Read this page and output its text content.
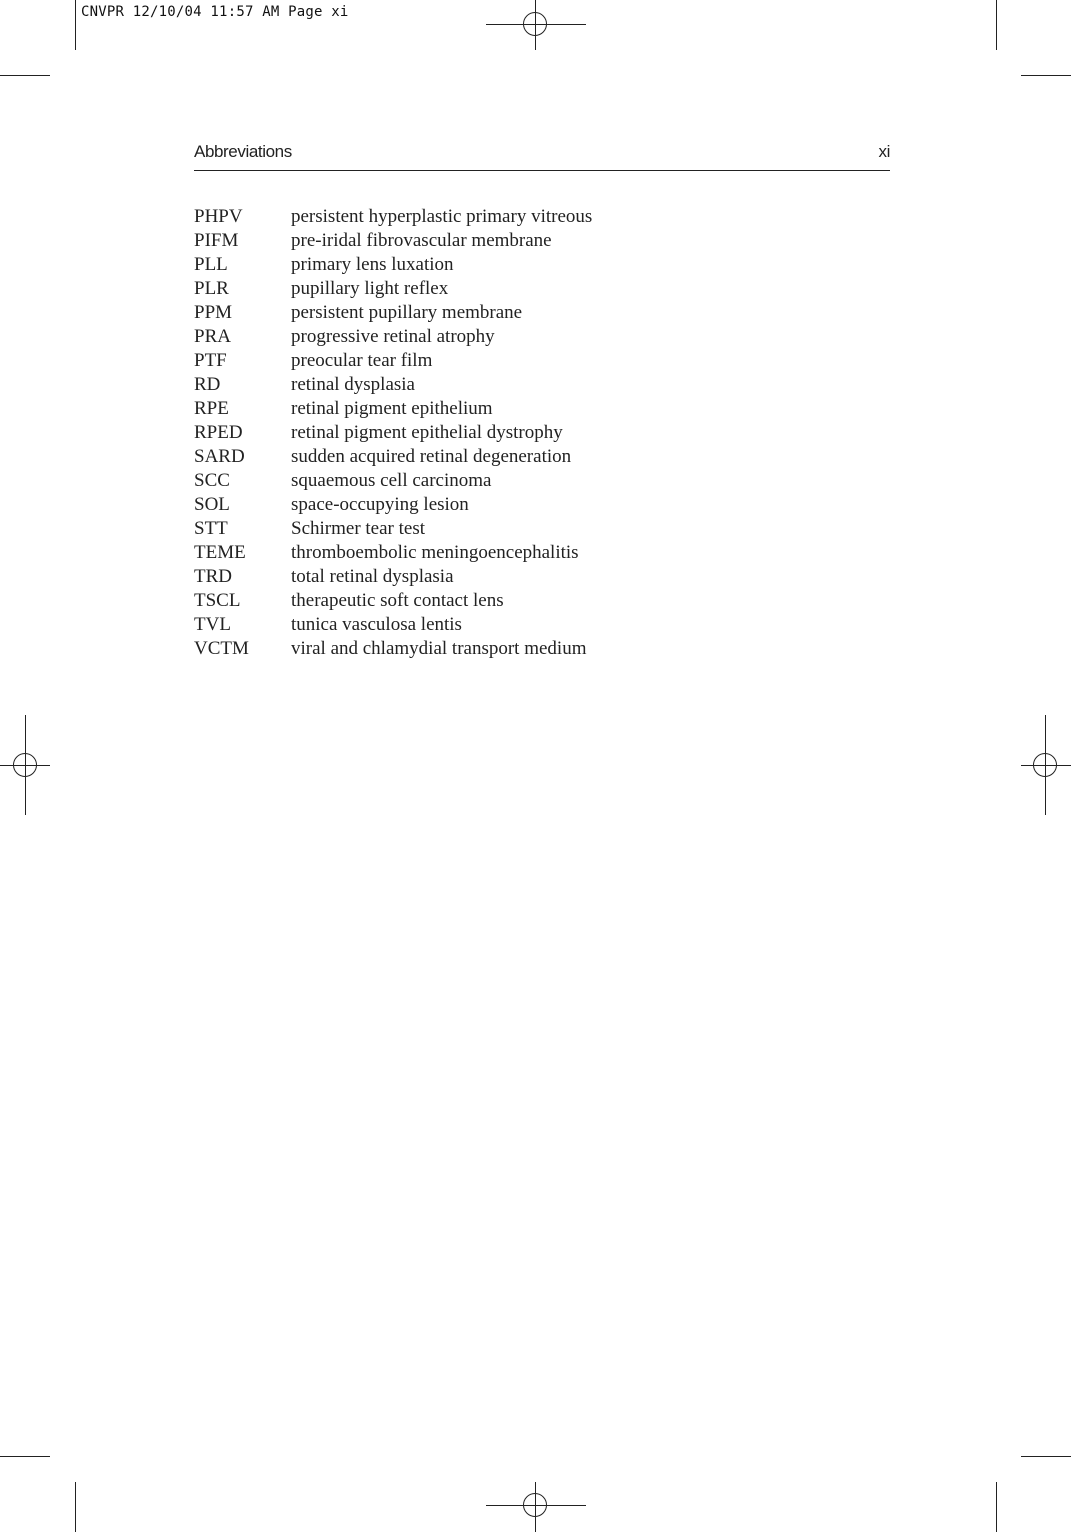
CNVPR 12/10/04 11:57 AM Page xi
Abbreviations	xi
PHPV	persistent hyperplastic primary vitreous
PIFM	pre-iridal fibrovascular membrane
PLL	primary lens luxation
PLR	pupillary light reflex
PPM	persistent pupillary membrane
PRA	progressive retinal atrophy
PTF	preocular tear film
RD	retinal dysplasia
RPE	retinal pigment epithelium
RPED	retinal pigment epithelial dystrophy
SARD	sudden acquired retinal degeneration
SCC	squaemous cell carcinoma
SOL	space-occupying lesion
STT	Schirmer tear test
TEME	thromboembolic meningoencephalitis
TRD	total retinal dysplasia
TSCL	therapeutic soft contact lens
TVL	tunica vasculosa lentis
VCTM	viral and chlamydial transport medium
